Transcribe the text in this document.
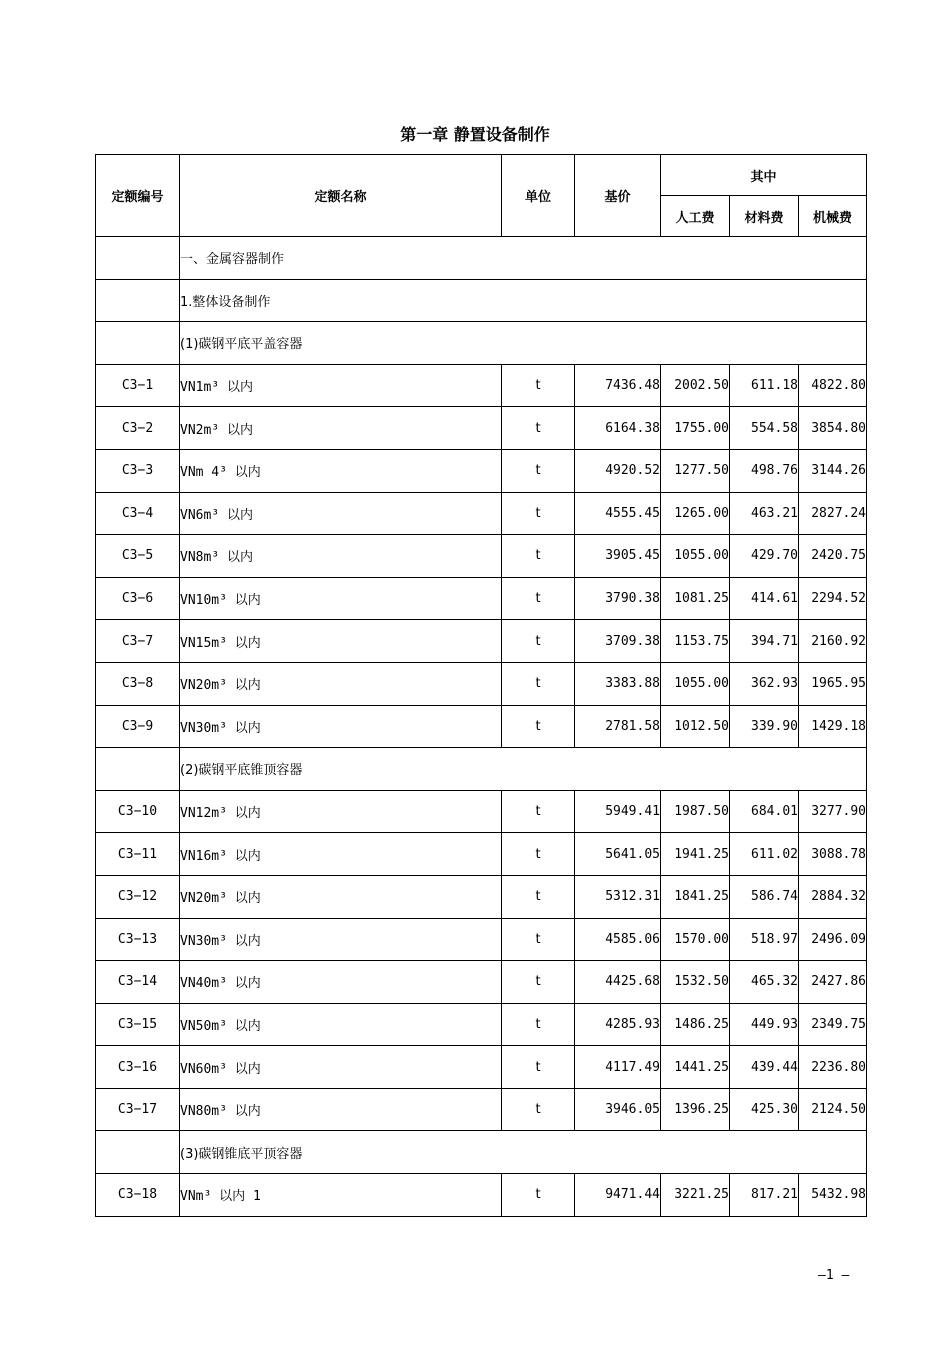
第一章 静置设备制作
定额编号	定额名称	单位	基价	其中		
				人工费	材料费	机械费
	一、金属容器制作					
	1.整体设备制作					
	(1)碳钢平底平盖容器					
C3−1	VN1m³ 以内	t	7436.48	2002.50	611.18	4822.80
C3−2	VN2m³ 以内	t	6164.38	1755.00	554.58	3854.80
C3−3	VNm 4³ 以内	t	4920.52	1277.50	498.76	3144.26
C3−4	VN6m³ 以内	t	4555.45	1265.00	463.21	2827.24
C3−5	VN8m³ 以内	t	3905.45	1055.00	429.70	2420.75
C3−6	VN10m³ 以内	t	3790.38	1081.25	414.61	2294.52
C3−7	VN15m³ 以内	t	3709.38	1153.75	394.71	2160.92
C3−8	VN20m³ 以内	t	3383.88	1055.00	362.93	1965.95
C3−9	VN30m³ 以内	t	2781.58	1012.50	339.90	1429.18
	(2)碳钢平底锥顶容器					
C3−10	VN12m³ 以内	t	5949.41	1987.50	684.01	3277.90
C3−11	VN16m³ 以内	t	5641.05	1941.25	611.02	3088.78
C3−12	VN20m³ 以内	t	5312.31	1841.25	586.74	2884.32
C3−13	VN30m³ 以内	t	4585.06	1570.00	518.97	2496.09
C3−14	VN40m³ 以内	t	4425.68	1532.50	465.32	2427.86
C3−15	VN50m³ 以内	t	4285.93	1486.25	449.93	2349.75
C3−16	VN60m³ 以内	t	4117.49	1441.25	439.44	2236.80
C3−17	VN80m³ 以内	t	3946.05	1396.25	425.30	2124.50
	(3)碳钢锥底平顶容器					
C3−18	VNm³ 以内 1	t	9471.44	3221.25	817.21	5432.98
—1 —
